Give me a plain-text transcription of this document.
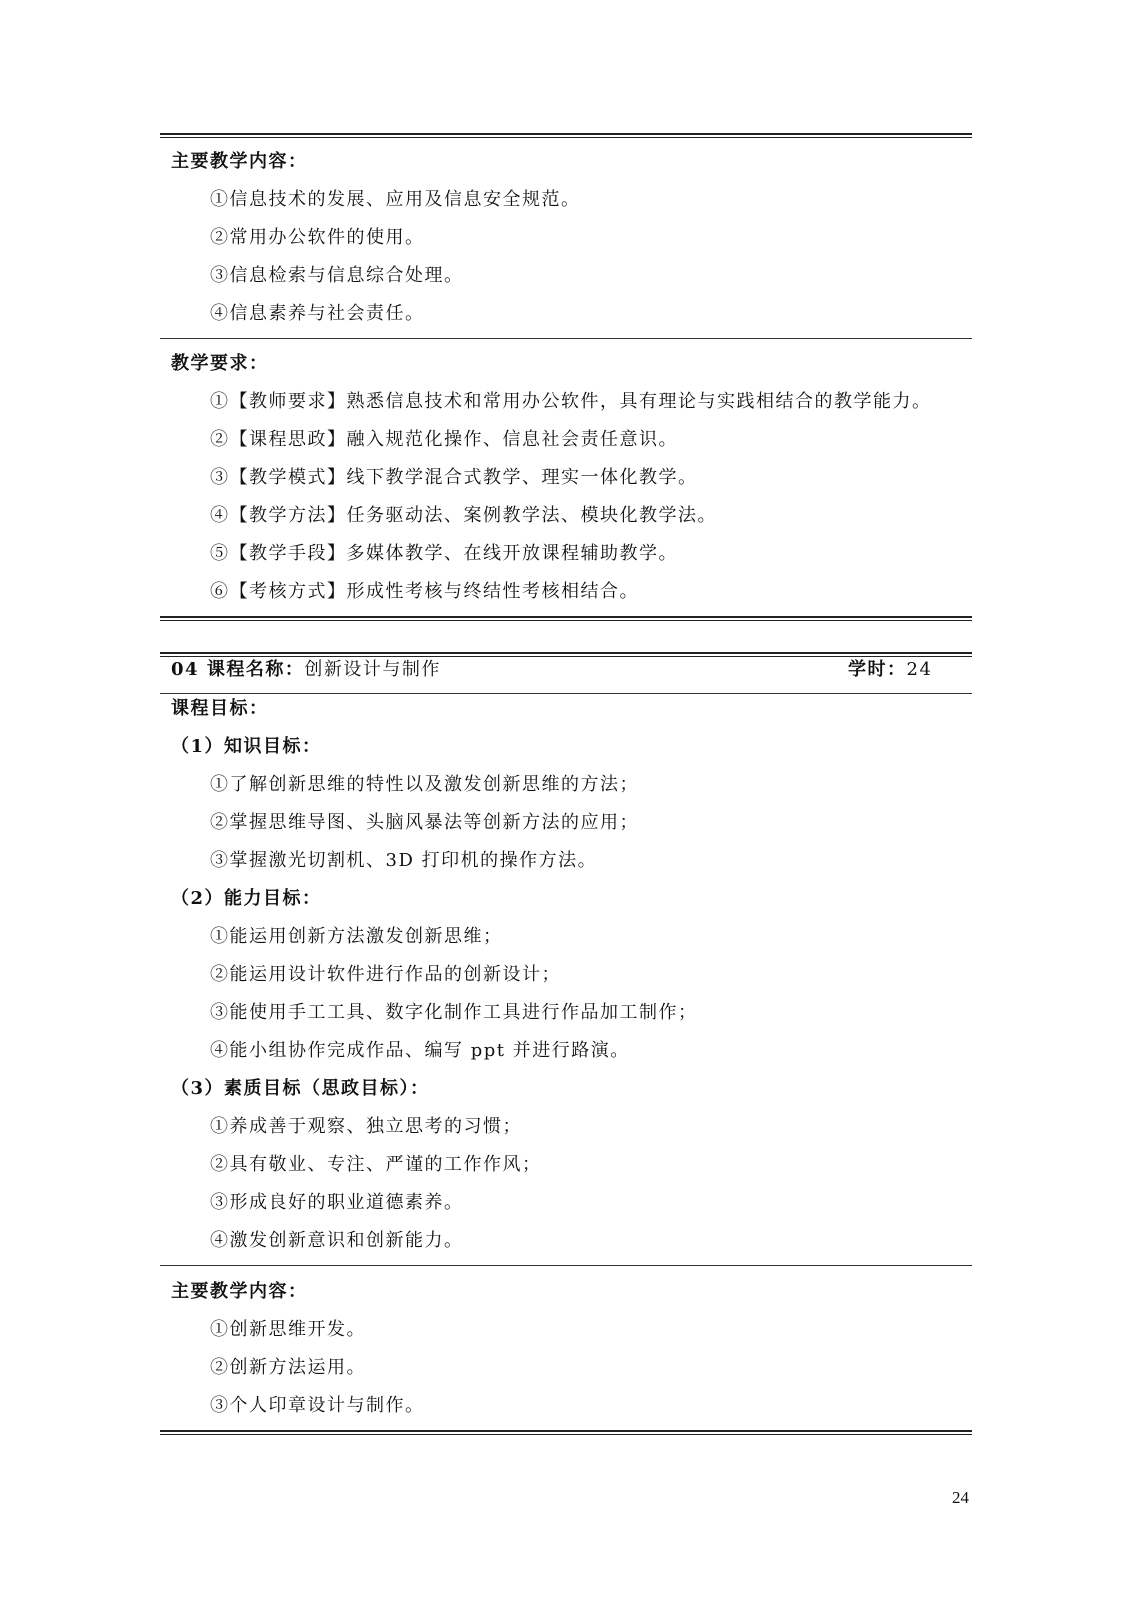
主要教学内容：
①信息技术的发展、应用及信息安全规范。
②常用办公软件的使用。
③信息检索与信息综合处理。
④信息素养与社会责任。
教学要求：
①【教师要求】熟悉信息技术和常用办公软件，具有理论与实践相结合的教学能力。
②【课程思政】融入规范化操作、信息社会责任意识。
③【教学模式】线下教学混合式教学、理实一体化教学。
④【教学方法】任务驱动法、案例教学法、模块化教学法。
⑤【教学手段】多媒体教学、在线开放课程辅助教学。
⑥【考核方式】形成性考核与终结性考核相结合。
04 课程名称：创新设计与制作	学时：24
课程目标：
（1）知识目标：
①了解创新思维的特性以及激发创新思维的方法；
②掌握思维导图、头脑风暴法等创新方法的应用；
③掌握激光切割机、3D 打印机的操作方法。
（2）能力目标：
①能运用创新方法激发创新思维；
②能运用设计软件进行作品的创新设计；
③能使用手工工具、数字化制作工具进行作品加工制作；
④能小组协作完成作品、编写 ppt 并进行路演。
（3）素质目标（思政目标）：
①养成善于观察、独立思考的习惯；
②具有敬业、专注、严谨的工作作风；
③形成良好的职业道德素养。
④激发创新意识和创新能力。
主要教学内容：
①创新思维开发。
②创新方法运用。
③个人印章设计与制作。
24
